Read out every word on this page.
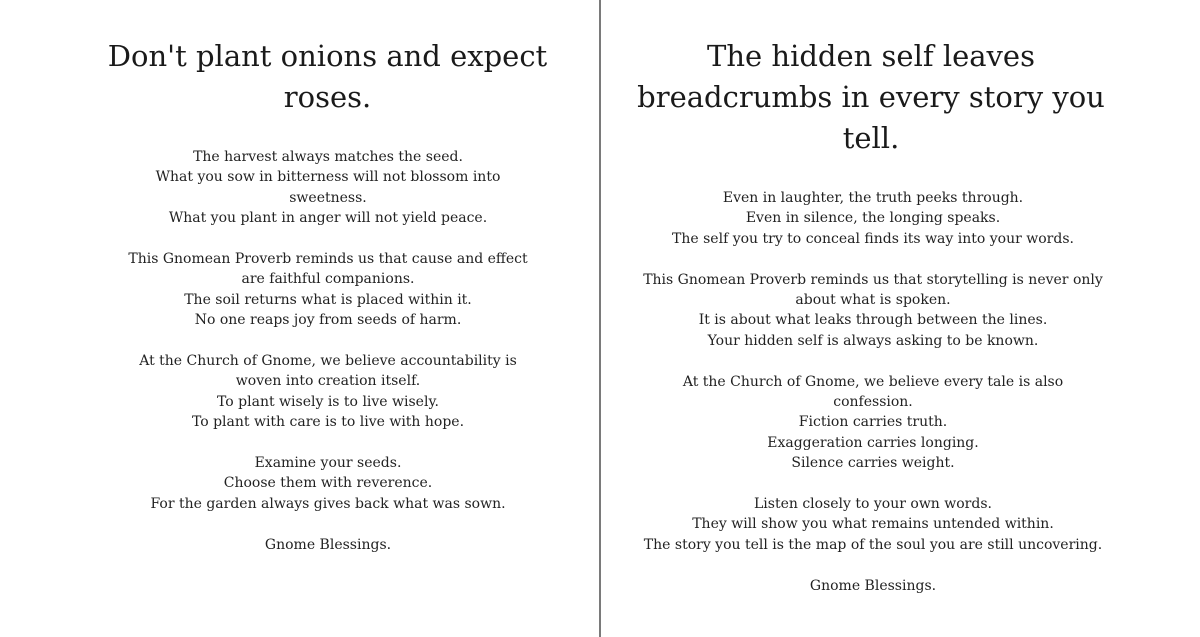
Don't plant onions and expect roses.

The harvest always matches the seed.
What you sow in bitterness will not blossom into sweetness.
What you plant in anger will not yield peace.

This Gnomean Proverb reminds us that cause and effect are faithful companions.
The soil returns what is placed within it.
No one reaps joy from seeds of harm.

At the Church of Gnome, we believe accountability is woven into creation itself.
To plant wisely is to live wisely.
To plant with care is to live with hope.

Examine your seeds.
Choose them with reverence.
For the garden always gives back what was sown.

Gnome Blessings.

The hidden self leaves breadcrumbs in every story you tell.

Even in laughter, the truth peeks through.
Even in silence, the longing speaks.
The self you try to conceal finds its way into your words.

This Gnomean Proverb reminds us that storytelling is never only about what is spoken.
It is about what leaks through between the lines.
Your hidden self is always asking to be known.

At the Church of Gnome, we believe every tale is also confession.
Fiction carries truth.
Exaggeration carries longing.
Silence carries weight.

Listen closely to your own words.
They will show you what remains untended within.
The story you tell is the map of the soul you are still uncovering.

Gnome Blessings.
